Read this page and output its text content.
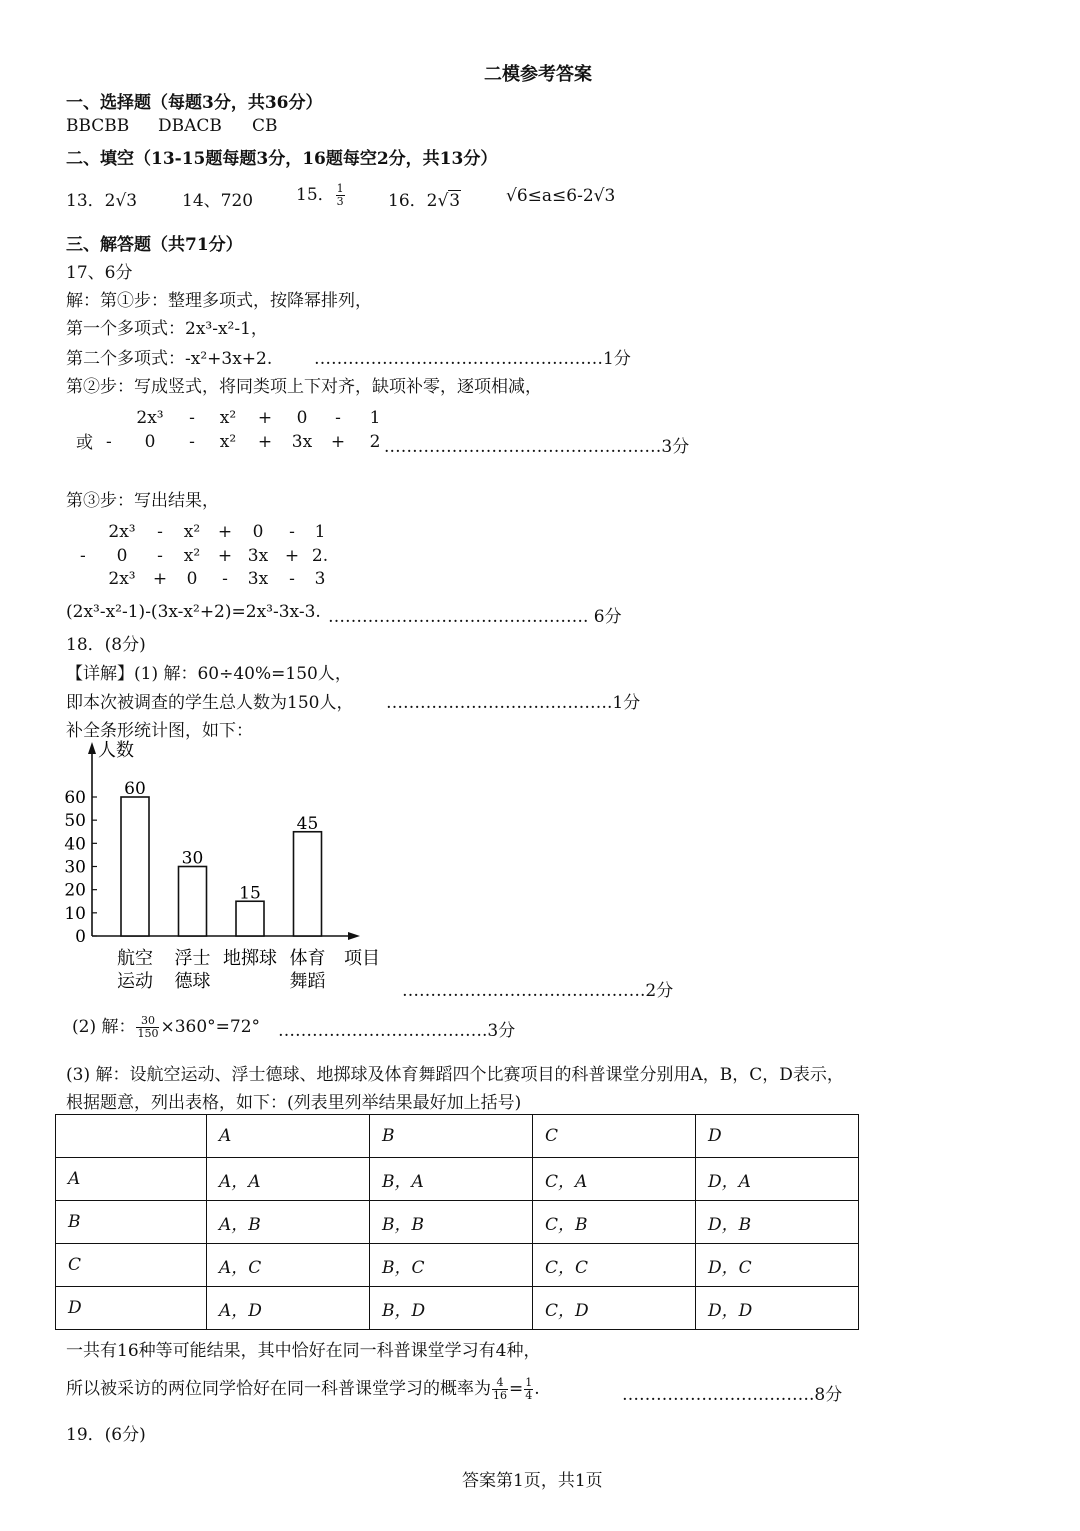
二模参考答案
一、选择题（每题3分，共36分）
BBCBB DBACB CB
二、填空（13-15题每题3分，16题每空2分，共13分）
13．2√3	14、720	15． $\frac{1}{3}$	16．2√3	√6≤a≤6-2√3
三、解答题（共71分）
17、6分
解：第①步：整理多项式，按降幂排列，
第一个多项式：2x³-x²-1，
第二个多项式：-x²+3x+2. ……………………………………………1分
第②步：写成竖式，将同类项上下对齐，缺项补零，逐项相减，
2x³	-	x²	+	0	-	1
或 -	0	-	x²	+	3x	+	2 .…………………………………………3分
第③步：写出结果，
2x³	-	x²	+	0	-	1
-	0	-	x²	+ 3x + 2.
2x³	+	0	-	3x	-	3
(2x³-x²-1)-(3x-x²+2)=2x³-3x-3. ………………………………………. 6分
18．(8分)
【详解】(1) 解：60÷40%=150人，
即本次被调查的学生总人数为150人， ………………………………….1分
补全条形统计图，如下：
人数
项目
0
10
20
30
40
50
60 60
航空
运动
30
浮士
德球
15
地掷球
45
体育
舞蹈	…………………………………….2分
(2) 解： $\frac{30}{150} \times 360^\circ=72^\circ$ ……………………………….3分
(3) 解：设航空运动、浮士德球、地掷球及体育舞蹈四个比赛项目的科普课堂分别用A，B，C，D表示，
根据题意，列出表格，如下：(列表里列举结果最好加上括号)
	A	B	C	D
A	A，A	B，A	C，A	D，A
B	A，B	B，B	C，B	D，B
C	A，C	B，C	C，C	D，C
D	A，D	B，D	C，D	D，D
一共有16种等可能结果，其中恰好在同一科普课堂学习有4种，
所以被采访的两位同学恰好在同一科普课堂学习的概率为 $\frac{4}{16} = \frac{1}{4}$ .	…………………………….8分
19．(6分)
答案第1页，共1页
